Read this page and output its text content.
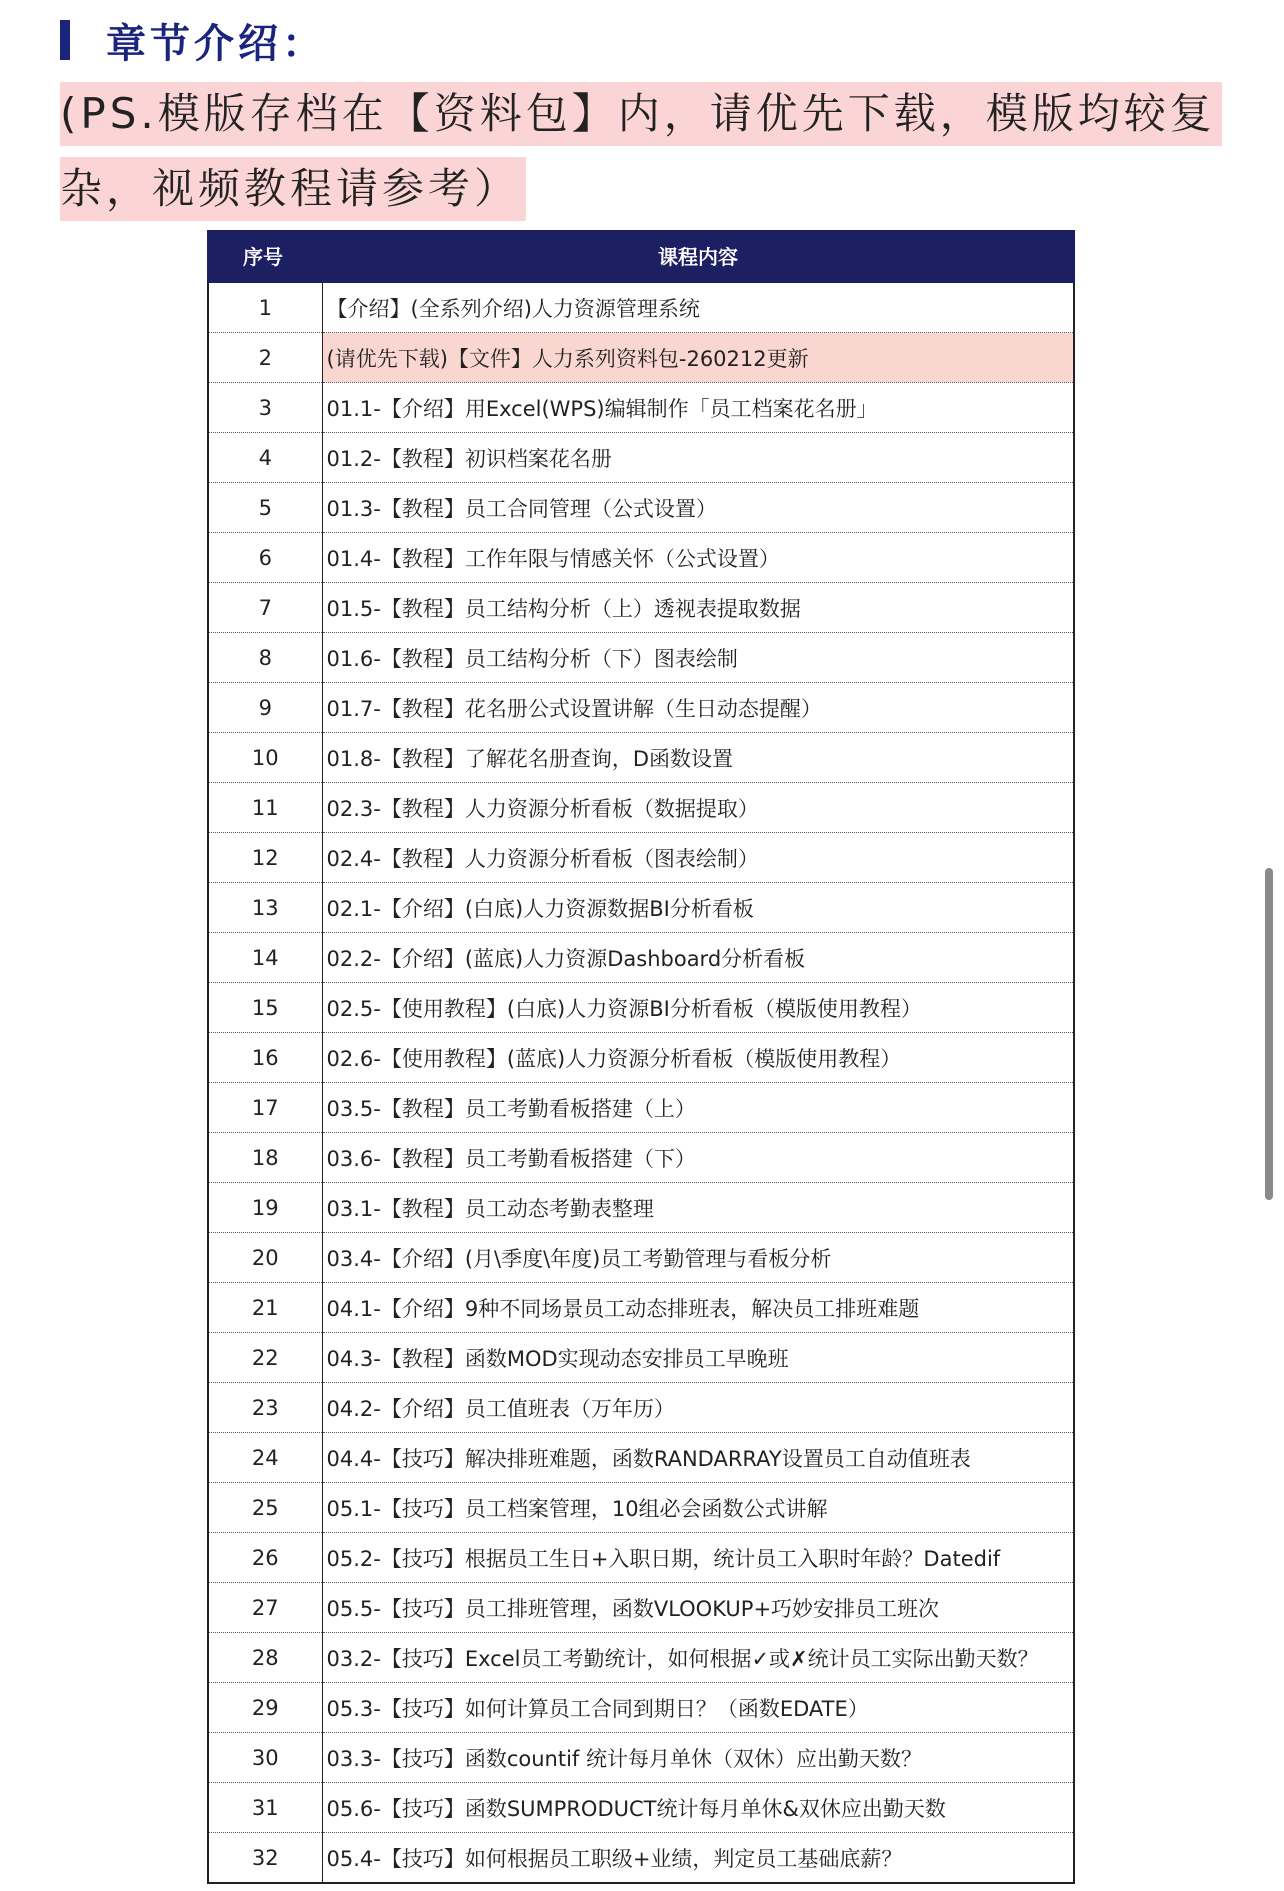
章节介绍：
(PS.模版存档在【资料包】内，请优先下载，模版均较复
杂，视频教程请参考）
序号	课程内容
1	【介绍】(全系列介绍)人力资源管理系统
2	(请优先下载)【文件】人力系列资料包-260212更新
3	01.1-【介绍】用Excel(WPS)编辑制作「员工档案花名册」
4	01.2-【教程】初识档案花名册
5	01.3-【教程】员工合同管理（公式设置）
6	01.4-【教程】工作年限与情感关怀（公式设置）
7	01.5-【教程】员工结构分析（上）透视表提取数据
8	01.6-【教程】员工结构分析（下）图表绘制
9	01.7-【教程】花名册公式设置讲解（生日动态提醒）
10	01.8-【教程】了解花名册查询，D函数设置
11	02.3-【教程】人力资源分析看板（数据提取）
12	02.4-【教程】人力资源分析看板（图表绘制）
13	02.1-【介绍】(白底)人力资源数据BI分析看板
14	02.2-【介绍】(蓝底)人力资源Dashboard分析看板
15	02.5-【使用教程】(白底)人力资源BI分析看板（模版使用教程）
16	02.6-【使用教程】(蓝底)人力资源分析看板（模版使用教程）
17	03.5-【教程】员工考勤看板搭建（上）
18	03.6-【教程】员工考勤看板搭建（下）
19	03.1-【教程】员工动态考勤表整理
20	03.4-【介绍】(月\季度\年度)员工考勤管理与看板分析
21	04.1-【介绍】9种不同场景员工动态排班表，解决员工排班难题
22	04.3-【教程】函数MOD实现动态安排员工早晚班
23	04.2-【介绍】员工值班表（万年历）
24	04.4-【技巧】解决排班难题，函数RANDARRAY设置员工自动值班表
25	05.1-【技巧】员工档案管理，10组必会函数公式讲解
26	05.2-【技巧】根据员工生日+入职日期，统计员工入职时年龄？Datedif
27	05.5-【技巧】员工排班管理，函数VLOOKUP+巧妙安排员工班次
28	03.2-【技巧】Excel员工考勤统计，如何根据✓或✗统计员工实际出勤天数？
29	05.3-【技巧】如何计算员工合同到期日？（函数EDATE）
30	03.3-【技巧】函数countif 统计每月单休（双休）应出勤天数？
31	05.6-【技巧】函数SUMPRODUCT统计每月单休&双休应出勤天数
32	05.4-【技巧】如何根据员工职级+业绩，判定员工基础底薪？
